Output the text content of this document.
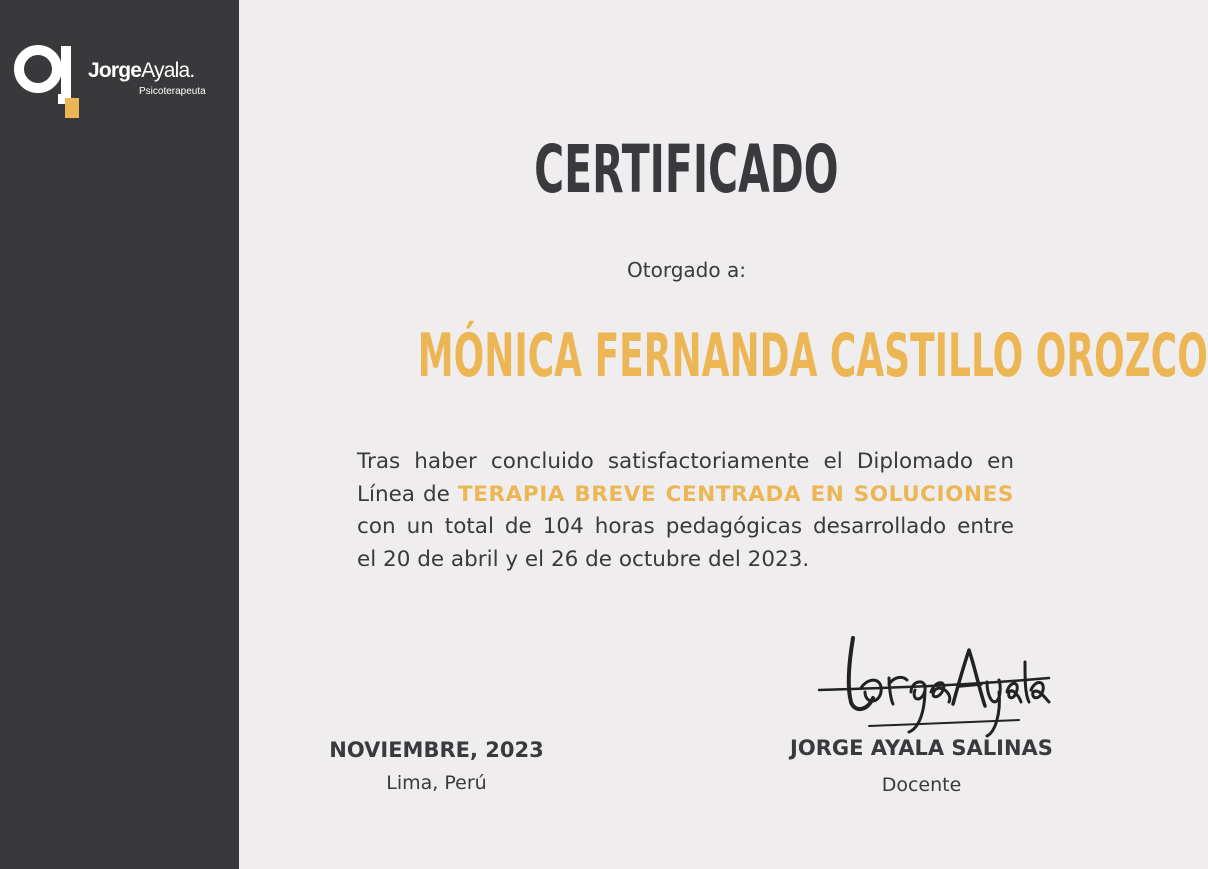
JorgeAyala.
Psicoterapeuta
CERTIFICADO
Otorgado a:
MÓNICA FERNANDA CASTILLO OROZCO
Tras haber concluido satisfactoriamente el Diplomado en
Línea de TERAPIA BREVE CENTRADA EN SOLUCIONES
con un total de 104 horas pedagógicas desarrollado entre
el 20 de abril y el 26 de octubre del 2023.
NOVIEMBRE, 2023
Lima, Perú
JORGE AYALA SALINAS
Docente
